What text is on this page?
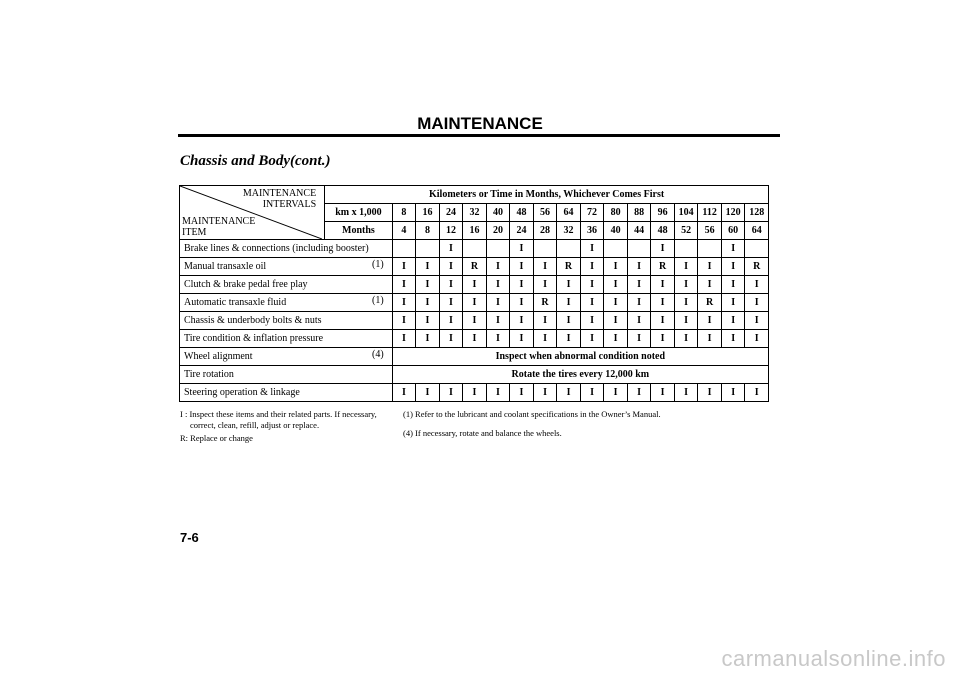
MAINTENANCE
Chassis and Body(cont.)
MAINTENANCE
INTERVALS
MAINTENANCE
ITEM	Kilometers or Time in Months, Whichever Comes First																
	km x 1,000	8	16	24	32	40	48	56	64	72	80	88	96	104	112	120	128
	Months	4	8	12	16	20	24	28	32	36	40	44	48	52	56	60	64
Brake lines & connections (including booster)				I			I			I			I			I	
Manual transaxle oil (1)		I	I	I	R	I	I	I	R	I	I	I	R	I	I	I	R
Clutch & brake pedal free play		I	I	I	I	I	I	I	I	I	I	I	I	I	I	I	I
Automatic transaxle fluid (1)		I	I	I	I	I	I	R	I	I	I	I	I	I	R	I	I
Chassis & underbody bolts & nuts		I	I	I	I	I	I	I	I	I	I	I	I	I	I	I	I
Tire condition & inflation pressure		I	I	I	I	I	I	I	I	I	I	I	I	I	I	I	I
Wheel alignment (4)		Inspect when abnormal condition noted															
Tire rotation		Rotate the tires every 12,000 km															
Steering operation & linkage		I	I	I	I	I	I	I	I	I	I	I	I	I	I	I	I
I : Inspect these items and their related parts. If necessary,
correct, clean, refill, adjust or replace.
R: Replace or change
(1) Refer to the lubricant and coolant specifications in the Owner’s Manual.
(4) If necessary, rotate and balance the wheels.
7-6
carmanualsonline.info
